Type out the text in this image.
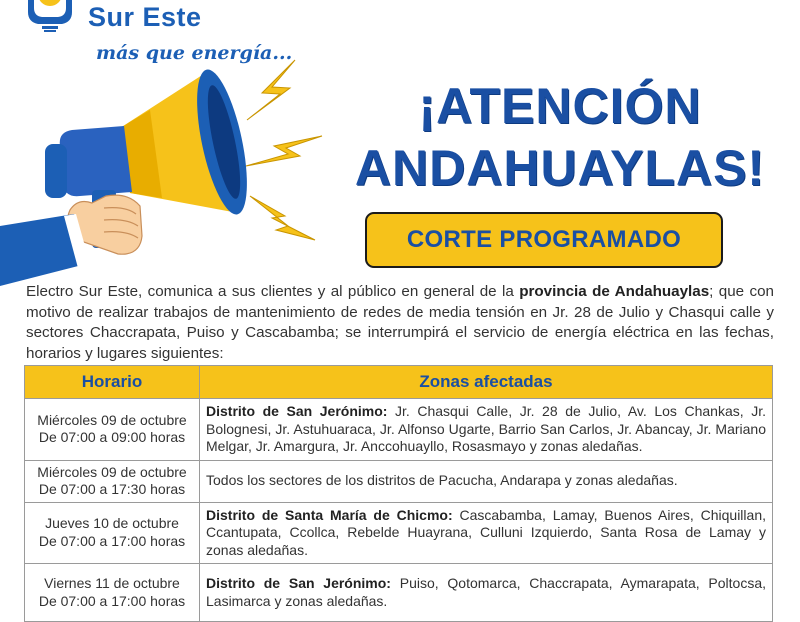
Sur Este
más que energía...
¡ATENCIÓN
ANDAHUAYLAS!
CORTE PROGRAMADO
Electro Sur Este, comunica a sus clientes y al público en general de la provincia de Andahuaylas; que con motivo de realizar trabajos de mantenimiento de redes de media tensión en Jr. 28 de Julio y Chasqui calle y sectores Chaccrapata, Puiso y Cascabamba; se interrumpirá el servicio de energía eléctrica en las fechas, horarios y lugares siguientes:
Horario	Zonas afectadas

Miércoles 09 de octubre
De 07:00 a 09:00 horas	Distrito de San Jerónimo: Jr. Chasqui Calle, Jr. 28 de Julio, Av. Los Chankas, Jr. Bolognesi, Jr. Astuhuaraca, Jr. Alfonso Ugarte, Barrio San Carlos, Jr. Abancay, Jr. Mariano Melgar, Jr. Amargura, Jr. Anccohuayllo, Rosasmayo y zonas aledañas.

Miércoles 09 de octubre
De 07:00 a 17:30 horas	Todos los sectores de los distritos de Pacucha, Andarapa y zonas aledañas.

Jueves 10 de octubre
De 07:00 a 17:00 horas	Distrito de Santa María de Chicmo: Cascabamba, Lamay, Buenos Aires, Chiquillan, Ccantupata, Ccollca, Rebelde Huayrana, Culluni Izquierdo, Santa Rosa de Lamay y zonas aledañas.

Viernes 11 de octubre
De 07:00 a 17:00 horas	Distrito de San Jerónimo: Puiso, Qotomarca, Chaccrapata, Aymarapata, Poltocsa, Lasimarca y zonas aledañas.
